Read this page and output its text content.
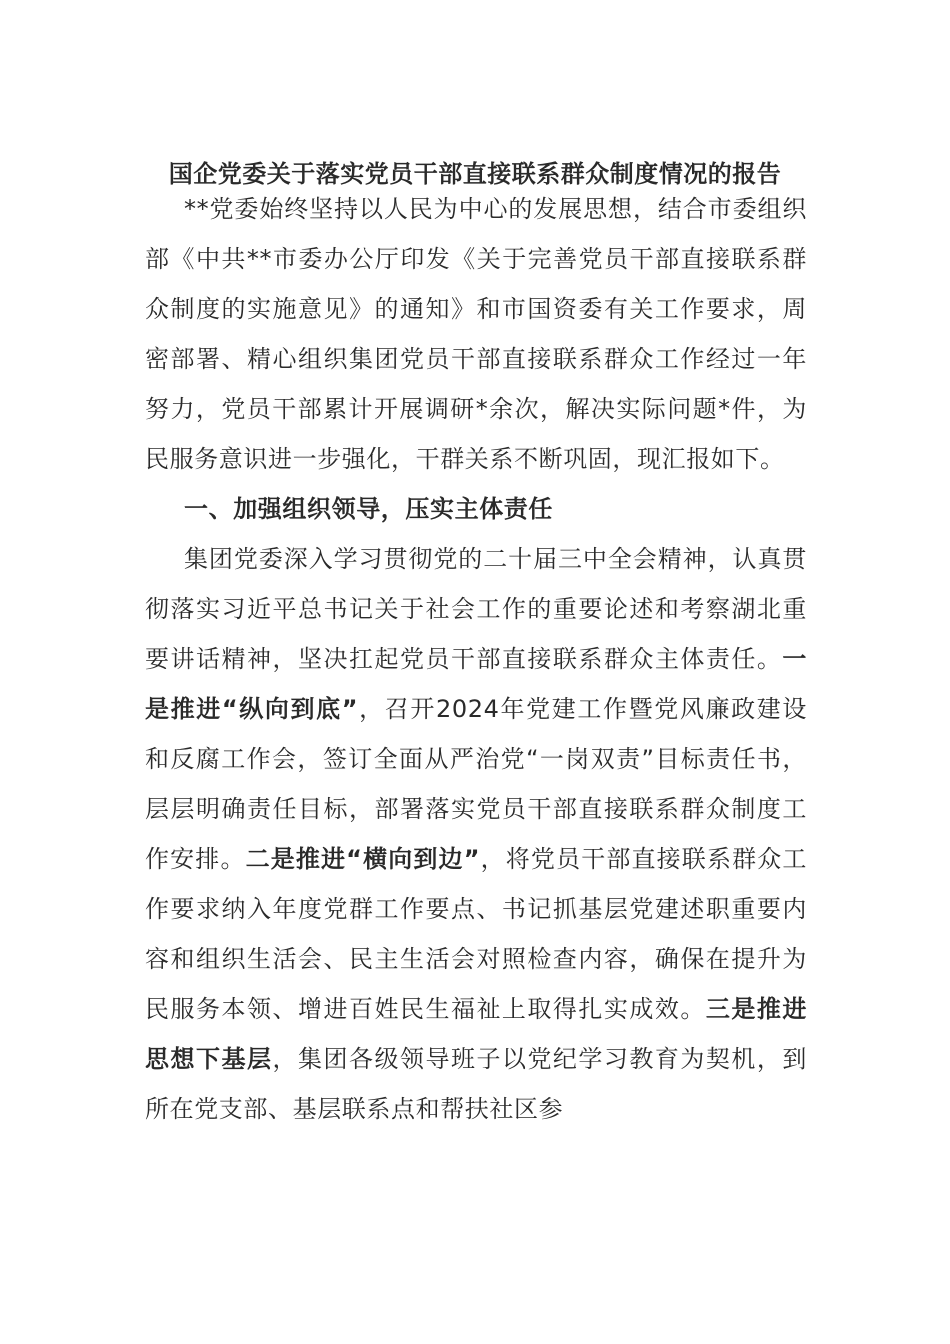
国企党委关于落实党员干部直接联系群众制度情况的报告

**党委始终坚持以人民为中心的发展思想，结合市委组织部《中共**市委办公厅印发《关于完善党员干部直接联系群众制度的实施意见》的通知》和市国资委有关工作要求，周密部署、精心组织集团党员干部直接联系群众工作经过一年努力，党员干部累计开展调研*余次，解决实际问题*件，为民服务意识进一步强化，干群关系不断巩固，现汇报如下。

一、加强组织领导，压实主体责任

集团党委深入学习贯彻党的二十届三中全会精神，认真贯彻落实习近平总书记关于社会工作的重要论述和考察湖北重要讲话精神，坚决扛起党员干部直接联系群众主体责任。一是推进“纵向到底”，召开2024年党建工作暨党风廉政建设和反腐工作会，签订全面从严治党“一岗双责”目标责任书，层层明确责任目标，部署落实党员干部直接联系群众制度工作安排。二是推进“横向到边”，将党员干部直接联系群众工作要求纳入年度党群工作要点、书记抓基层党建述职重要内容和组织生活会、民主生活会对照检查内容，确保在提升为民服务本领、增进百姓民生福祉上取得扎实成效。三是推进思想下基层，集团各级领导班子以党纪学习教育为契机，到所在党支部、基层联系点和帮扶社区参
